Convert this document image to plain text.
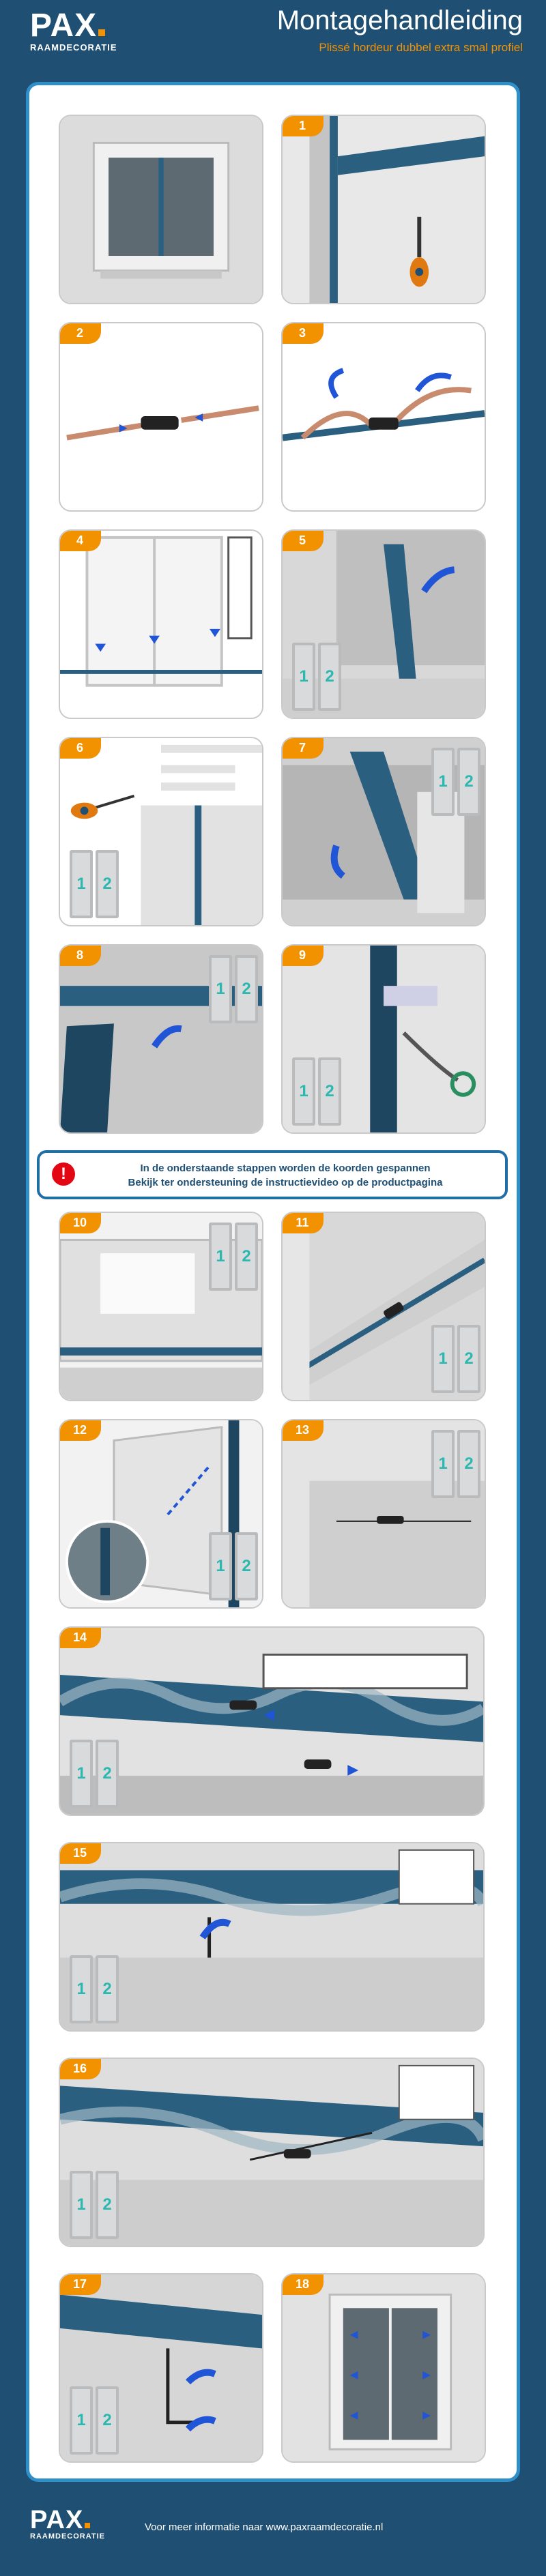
PAX
RAAMDECORATIE
Montagehandleiding
Plissé hordeur dubbel extra smal profiel
1
2	3
4	5
1	2
6
1	2
7
1	2
8
1	2
9
1	2
!	In de onderstaande stappen worden de koorden gespannen
Bekijk ter ondersteuning de instructievideo op de productpagina
10
1	2
11
1	2
12
1	2
13
1	2
14
1	2
15
1	2
16
1	2
17
1	2
18
PAX
RAAMDECORATIE
Voor meer informatie naar www.paxraamdecoratie.nl
